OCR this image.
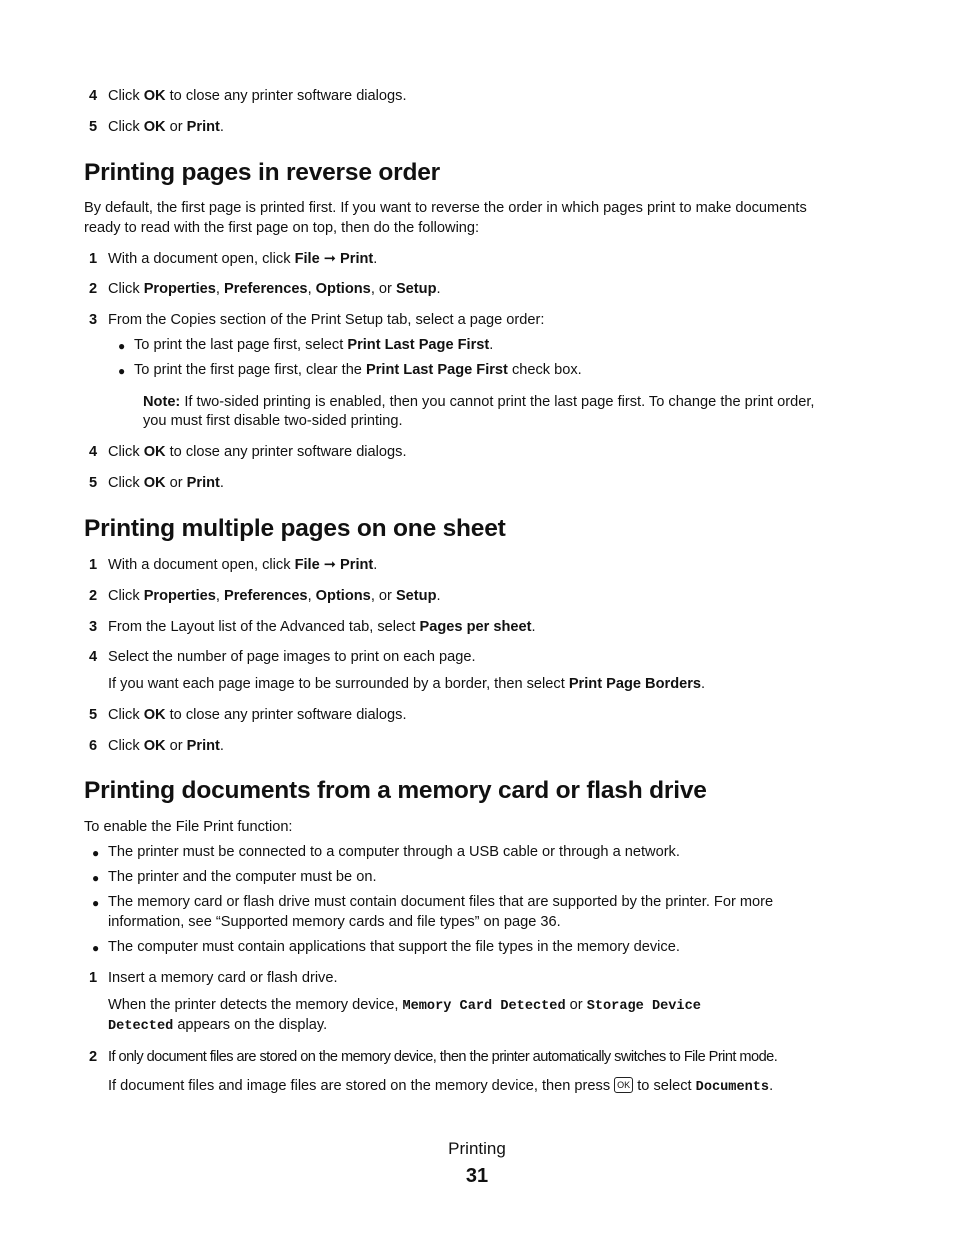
4 Click OK to close any printer software dialogs.
5 Click OK or Print.
Printing pages in reverse order
By default, the first page is printed first. If you want to reverse the order in which pages print to make documents
ready to read with the first page on top, then do the following:
1 With a document open, click File ➞ Print.
2 Click Properties, Preferences, Options, or Setup.
3 From the Copies section of the Print Setup tab, select a page order:
● To print the last page first, select Print Last Page First.
● To print the first page first, clear the Print Last Page First check box.
Note: If two-sided printing is enabled, then you cannot print the last page first. To change the print order,
you must first disable two-sided printing.
4 Click OK to close any printer software dialogs.
5 Click OK or Print.
Printing multiple pages on one sheet
1 With a document open, click File ➞ Print.
2 Click Properties, Preferences, Options, or Setup.
3 From the Layout list of the Advanced tab, select Pages per sheet.
4 Select the number of page images to print on each page.
If you want each page image to be surrounded by a border, then select Print Page Borders.
5 Click OK to close any printer software dialogs.
6 Click OK or Print.
Printing documents from a memory card or flash drive
To enable the File Print function:
● The printer must be connected to a computer through a USB cable or through a network.
● The printer and the computer must be on.
● The memory card or flash drive must contain document files that are supported by the printer. For more
information, see “Supported memory cards and file types” on page 36.
● The computer must contain applications that support the file types in the memory device.
1 Insert a memory card or flash drive.
When the printer detects the memory device, Memory Card Detected or Storage Device
Detected appears on the display.
2 If only document files are stored on the memory device, then the printer automatically switches to File Print mode.
If document files and image files are stored on the memory device, then press OK to select Documents.
Printing
31
